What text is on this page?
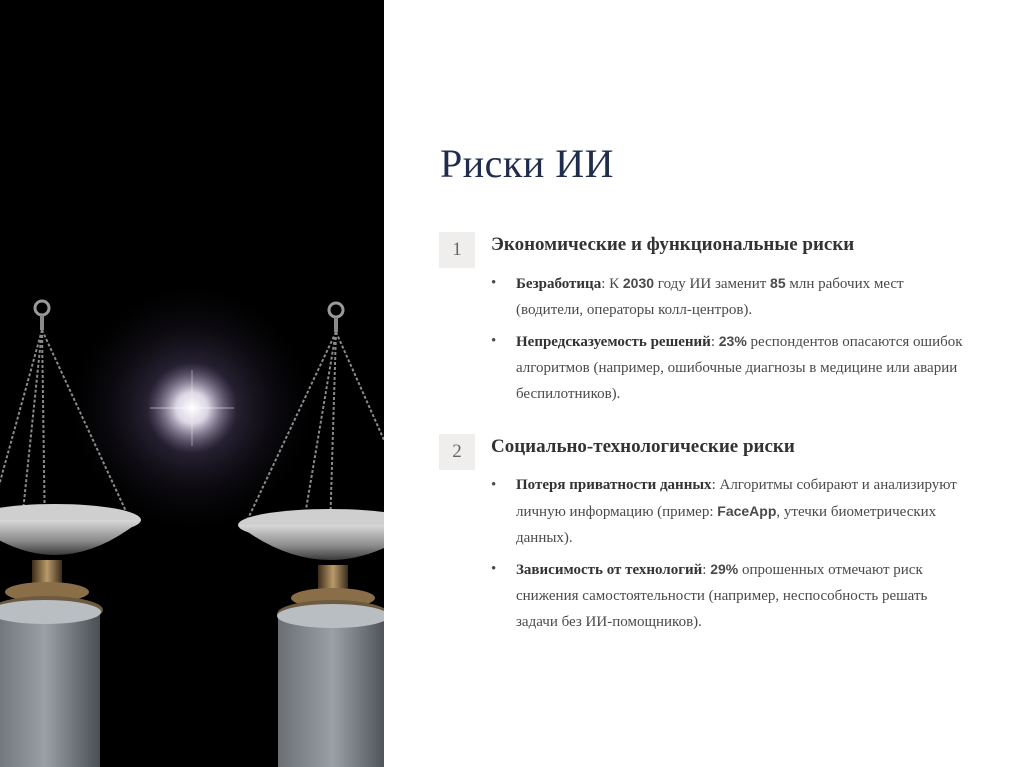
Риски ИИ
1	Экономические и функциональные риски
• Безработица: К 2030 году ИИ заменит 85 млн рабочих мест (водители, операторы колл-центров).
• Непредсказуемость решений: 23% респондентов опасаются ошибок алгоритмов (например, ошибочные диагнозы в медицине или аварии беспилотников).
2	Социально-технологические риски
• Потеря приватности данных: Алгоритмы собирают и анализируют личную информацию (пример: FaceApp, утечки биометрических данных).
• Зависимость от технологий: 29% опрошенных отмечают риск снижения самостоятельности (например, неспособность решать задачи без ИИ-помощников).
